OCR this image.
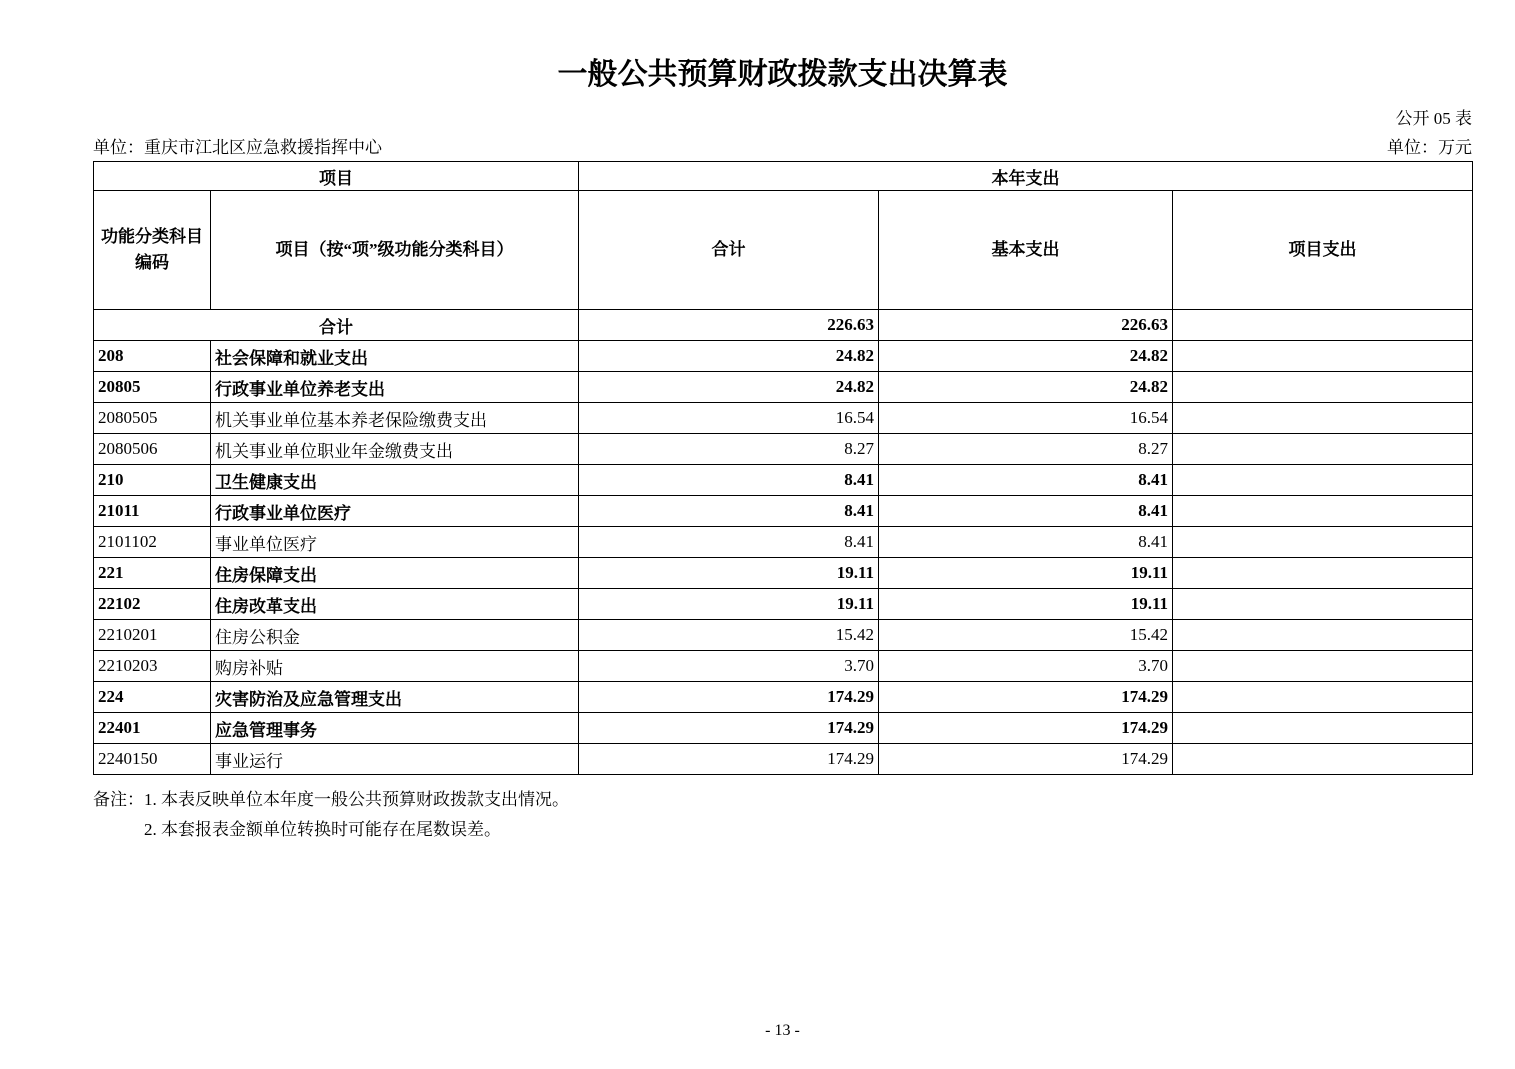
一般公共预算财政拨款支出决算表
公开 05 表
单位：重庆市江北区应急救援指挥中心	单位：万元
项目		本年支出		

功能分类科目
编码	项目（按“项”级功能分类科目）	合计	基本支出	项目支出
合计		226.63	226.63	
208	社会保障和就业支出	24.82	24.82	
20805	行政事业单位养老支出	24.82	24.82	
2080505	机关事业单位基本养老保险缴费支出	16.54	16.54	
2080506	机关事业单位职业年金缴费支出	8.27	8.27	
210	卫生健康支出	8.41	8.41	
21011	行政事业单位医疗	8.41	8.41	
2101102	事业单位医疗	8.41	8.41	
221	住房保障支出	19.11	19.11	
22102	住房改革支出	19.11	19.11	
2210201	住房公积金	15.42	15.42	
2210203	购房补贴	3.70	3.70	
224	灾害防治及应急管理支出	174.29	174.29	
22401	应急管理事务	174.29	174.29	
2240150	事业运行	174.29	174.29	
备注：1. 本表反映单位本年度一般公共预算财政拨款支出情况。
2. 本套报表金额单位转换时可能存在尾数误差。
- 13 -
